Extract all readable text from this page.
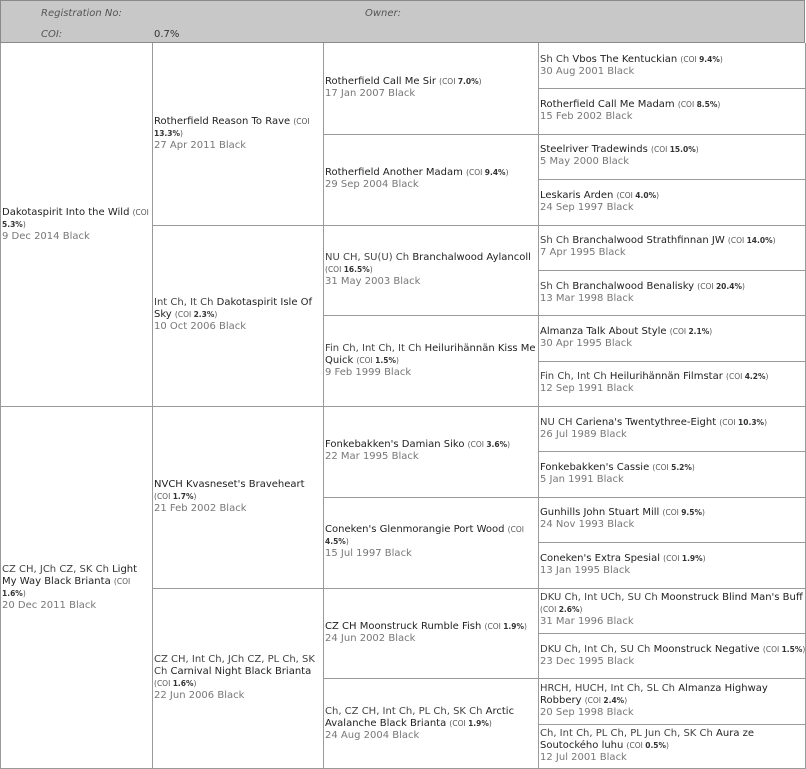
Registration No:	Owner:
COI:	0.7%
Dakotaspirit Into the Wild (COI 5.3%)
9 Dec 2014 Black
CZ CH, JCh CZ, SK Ch Light My Way Black Brianta (COI 1.6%)
20 Dec 2011 Black
Rotherfield Reason To Rave (COI 13.3%)
27 Apr 2011 Black
Int Ch, It Ch Dakotaspirit Isle Of Sky (COI 2.3%)
10 Oct 2006 Black
NVCH Kvasneset's Braveheart (COI 1.7%)
21 Feb 2002 Black
CZ CH, Int Ch, JCh CZ, PL Ch, SK Ch Carnival Night Black Brianta (COI 1.6%)
22 Jun 2006 Black
Rotherfield Call Me Sir (COI 7.0%)
17 Jan 2007 Black
Rotherfield Another Madam (COI 9.4%)
29 Sep 2004 Black
NU CH, SU(U) Ch Branchalwood Aylancoll (COI 16.5%)
31 May 2003 Black
Fin Ch, Int Ch, It Ch Heilurihännän Kiss Me Quick (COI 1.5%)
9 Feb 1999 Black
Fonkebakken's Damian Siko (COI 3.6%)
22 Mar 1995 Black
Coneken's Glenmorangie Port Wood (COI 4.5%)
15 Jul 1997 Black
CZ CH Moonstruck Rumble Fish (COI 1.9%)
24 Jun 2002 Black
Ch, CZ CH, Int Ch, PL Ch, SK Ch Arctic Avalanche Black Brianta (COI 1.9%)
24 Aug 2004 Black
Sh Ch Vbos The Kentuckian (COI 9.4%)
30 Aug 2001 Black
Rotherfield Call Me Madam (COI 8.5%)
15 Feb 2002 Black
Steelriver Tradewinds (COI 15.0%)
5 May 2000 Black
Leskaris Arden (COI 4.0%)
24 Sep 1997 Black
Sh Ch Branchalwood Strathfinnan JW (COI 14.0%)
7 Apr 1995 Black
Sh Ch Branchalwood Benalisky (COI 20.4%)
13 Mar 1998 Black
Almanza Talk About Style (COI 2.1%)
30 Apr 1995 Black
Fin Ch, Int Ch Heilurihännän Filmstar (COI 4.2%)
12 Sep 1991 Black
NU CH Cariena's Twentythree-Eight (COI 10.3%)
26 Jul 1989 Black
Fonkebakken's Cassie (COI 5.2%)
5 Jan 1991 Black
Gunhills John Stuart Mill (COI 9.5%)
24 Nov 1993 Black
Coneken's Extra Spesial (COI 1.9%)
13 Jan 1995 Black
DKU Ch, Int UCh, SU Ch Moonstruck Blind Man's Buff (COI 2.6%)
31 Mar 1996 Black
DKU Ch, Int Ch, SU Ch Moonstruck Negative (COI 1.5%)
23 Dec 1995 Black
HRCH, HUCH, Int Ch, SL Ch Almanza Highway Robbery (COI 2.4%)
20 Sep 1998 Black
Ch, Int Ch, PL Ch, PL Jun Ch, SK Ch Aura ze Soutockého luhu (COI 0.5%)
12 Jul 2001 Black
